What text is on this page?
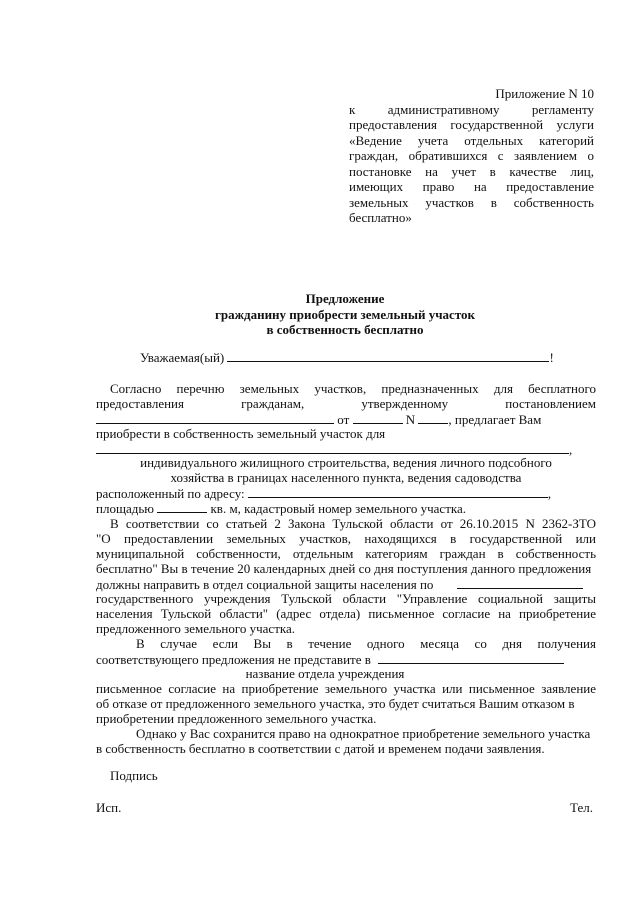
Приложение N 10
к административному регламенту
предоставления государственной услуги
«Ведение учета отдельных категорий
граждан, обратившихся с заявлением о
постановке на учет в качестве лиц,
имеющих право на предоставление
земельных участков в собственность
бесплатно»
Предложение
гражданину приобрести земельный участок
в собственность бесплатно
Уважаемая(ый)	!
Согласно перечню земельных участков, предназначенных для бесплатного
предоставления гражданам, утвержденному постановлением
от	N	, предлагает Вам
приобрести в собственность земельный участок для
,
индивидуального жилищного строительства, ведения личного подсобного
хозяйства в границах населенного пункта, ведения садоводства
расположенный по адресу:	,
площадью	кв. м, кадастровый номер земельного участка.
В соответствии со статьей 2 Закона Тульской области от 26.10.2015 N 2362-ЗТО
"О предоставлении земельных участков, находящихся в государственной или
муниципальной собственности, отдельным категориям граждан в собственность
бесплатно" Вы в течение 20 календарных дней со дня поступления данного предложения
должны направить в отдел социальной защиты населения по
государственного учреждения Тульской области "Управление социальной защиты
населения Тульской области" (адрес отдела) письменное согласие на приобретение
предложенного земельного участка.
В случае если Вы в течение одного месяца со дня получения
соответствующего предложения не представите в
название отдела учреждения
письменное согласие на приобретение земельного участка или письменное заявление
об отказе от предложенного земельного участка, это будет считаться Вашим отказом в
приобретении предложенного земельного участка.
Однако у Вас сохранится право на однократное приобретение земельного участка
в собственность бесплатно в соответствии с датой и временем подачи заявления.
Подпись
Исп.	Тел.
